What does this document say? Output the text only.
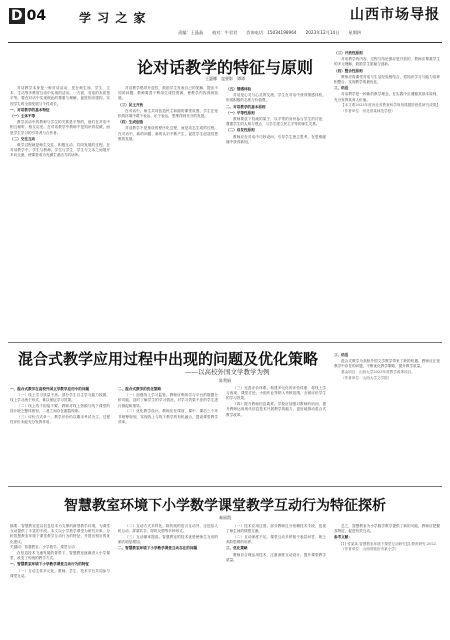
D 04	学 习 之 家	山西市场导报
责编：王晶晶 校对：牛君君 咨询电话：15034198964 2023年12月14日 星期四
论对话教学的特征与原则
王惠娜　寇要影　谭谭

对话教学本身是一种对话活动，是在师生间、学生、文本、生活等多维度互动中实现的活动。一方面，对话的本质是平等，要在对话中实现彼此的尊重与理解，促进知识建构，实现学生的全面发展与个性成长。

一、对话教学的基本特征

（一）主体平等

教学活动中的教师与学生的关系是平等的，他们在对话中相互倾听、相互启发。在对话教学中教师不是知识的权威，而是学生学习的引导者与合作者。

（二）交往互动

教学过程就是师生交往、积极互动、共同发展的过程。在对话教学中，学生与教师、学生与学生、学生与文本之间展开多向交流，使课堂成为充满生命活力的场所。

对话教学倡导开放性，鼓励学生发表自己的见解，提出不同的问题，教师要善于利用生成性资源，使教学内容得到拓展。

（三）民主开放

在对话中，师生共同营造民主和谐的课堂氛围，学生在宽松的环境中敢于表达、乐于表达，思维得到充分的发展。

（四）生成创造

对话教学不是预设的程序化过程，而是动态生成的过程。在对话中，新的问题、新的认识不断产生，促进学生创造性思维的发展。

（五）情感体验

对话是心灵与心灵的交流，学生在对话中获得情感体验，形成积极的态度与价值观。

二、对话教学的基本原则

（一）平等性原则

教师要放下权威的架子，以平等的身份参与学生的讨论，尊重学生的人格与观点，与学生建立民主平等的师生关系。

（二）启发性原则

教师应在对话中巧妙设问，引导学生独立思考，在思维碰撞中获得新知。

（三）开放性原则

对话教学的内容、过程与结论都应是开放的，教师应尊重学生的多元理解，鼓励学生质疑与创新。

（四）整合性原则

教师应将课堂对话与生活经验相结合，将知识学习与能力培养相整合，实现教学的最优化。

三、结语

对话教学是一种新的教学理念，在实践中应遵循其基本原则，充分发挥其育人价值。

【本文系2023年度河北省教育科学规划课题阶段性研究成果】

（作者单位：河北省某师范学校）

混合式教学应用过程中出现的问题及优化策略
——以高校外国文学教学为例
陈利娟

一、混合式教学在高校外国文学教学应用中的问题

（一）线上学习质量不高。部分学生自主学习能力较弱，线上学习流于形式，难以保证学习效果。

（二）线上线下衔接不紧。教师对线上资源与线下课堂的设计缺乏整体规划，二者之间存在割裂现象。

（三）评价方式单一。教学评价仍以期末考试为主，过程性评价未能充分发挥作用。

二、混合式教学的优化策略

（一）加强线上学习监管。教师应利用学习平台的数据分析功能，及时了解学生的学习情况，对学习效果不佳的学生进行督促和指导。

（二）优化教学设计。教师应在课前、课中、课后三个环节统筹规划，实现线上与线下教学的有机融合，提高课堂教学效率。

（三）完善评价体系。构建多元化的评价体系，将线上学习表现、课堂讨论、小组作业等纳入考核范围，全面评价学生的学习效果。

（四）提升教师信息素养。学校应加强对教师的培训，提升教师运用现代信息技术开展教学的能力，更好地推动混合式教学改革。

三、结语

混合式教学为高校外国文学教学带来了新的机遇。教师应正视教学中存在的问题，不断优化教学策略，提升教学质量。

基金项目：山西大学2023年度教学改革项目。

（作者单位：山西大学文学院）

智慧教室环境下小学数学课堂教学互动行为特征探析
秦丽霞

摘要：智慧教室是以信息技术为支撑的新型教学环境，为课堂互动提供了丰富的手段。本文以小学数学课堂为研究对象，分析智慧教室环境下课堂教学互动行为的特征，并提出相应的优化建议。

关键词：智慧教室；小学数学；课堂互动

在信息技术飞速发展的背景下，智慧教室逐渐进入小学课堂，改变了传统的教学方式。

一、智慧教室环境下小学数学课堂互动行为的特征

（一）互动主体多元化。教师、学生、技术平台共同参与课堂互动。

（二）互动方式多样化。除传统的语言互动外，还包括人机互动、屏幕共享、即时反馈等多种形式。

（三）互动频率提高。智慧教室的技术优势使师生互动的频次明显增加。

二、智慧教室环境下小学数学课堂互动存在的问题

（一）技术应用过度。部分教师过分依赖技术手段，忽视了师生间的情感交流。

（二）互动深度不足。课堂互动多停留于表层问答，缺乏高阶思维的培养。

三、优化策略

教师应合理运用技术，注重深度互动设计，提升课堂教学质量。

总之，智慧教室为小学数学教学提供了新的可能，教师应把握其特征，促进有效互动。

参考文献：

[1] 张某某.智慧教室环境下课堂互动研究[J].教育研究,2022.

（作者单位：山西省临汾市某小学）
